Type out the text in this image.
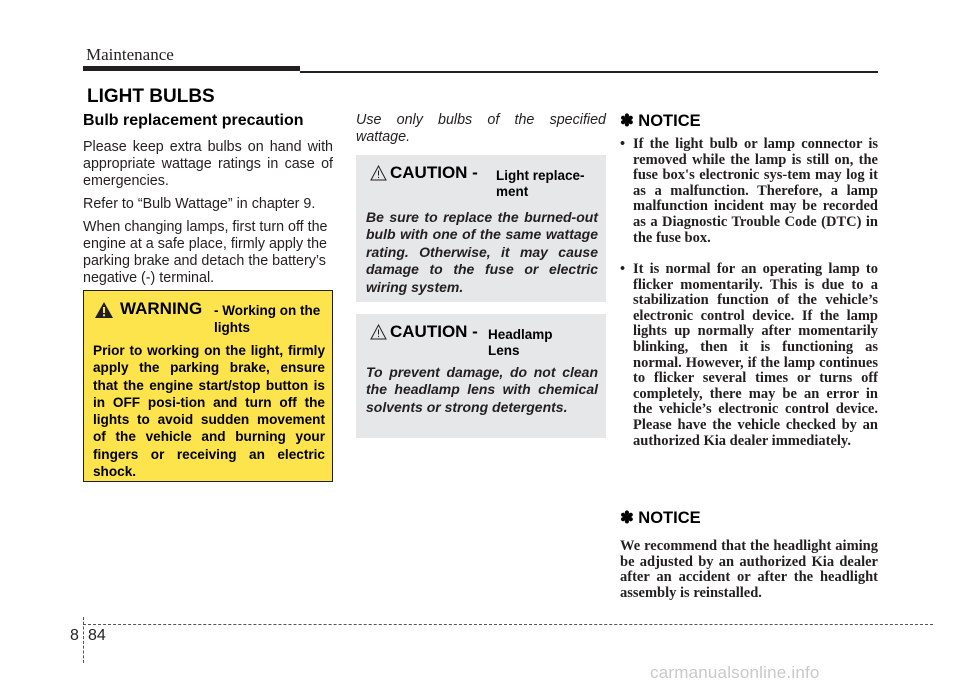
Maintenance
LIGHT BULBS
Bulb replacement precaution

Please keep extra bulbs on hand with appropriate wattage ratings in case of emergencies.

Refer to “Bulb Wattage” in chapter 9.

When changing lamps, first turn off the engine at a safe place, firmly apply the parking brake and detach the battery’s negative (-) terminal.

WARNING - Working on the lights
Prior to working on the light, firmly apply the parking brake, ensure that the engine start/stop button is in OFF posi-tion and turn off the lights to avoid sudden movement of the vehicle and burning your fingers or receiving an electric shock.
Use only bulbs of the specified wattage.
CAUTION - Light replace-ment
Be sure to replace the burned-out bulb with one of the same wattage rating. Otherwise, it may cause damage to the fuse or electric wiring system.
CAUTION - Headlamp Lens
To prevent damage, do not clean the headlamp lens with chemical solvents or strong detergents.
✽ NOTICE
• If the light bulb or lamp connector is removed while the lamp is still on, the fuse box's electronic sys-tem may log it as a malfunction. Therefore, a lamp malfunction incident may be recorded as a Diagnostic Trouble Code (DTC) in the fuse box.
• It is normal for an operating lamp to flicker momentarily. This is due to a stabilization function of the vehicle’s electronic control device. If the lamp lights up normally after momentarily blinking, then it is functioning as normal. However, if the lamp continues to flicker several times or turns off completely, there may be an error in the vehicle’s electronic control device. Please have the vehicle checked by an authorized Kia dealer immediately.
✽ NOTICE
We recommend that the headlight aiming be adjusted by an authorized Kia dealer after an accident or after the headlight assembly is reinstalled.
8 84
carmanualsonline.info
